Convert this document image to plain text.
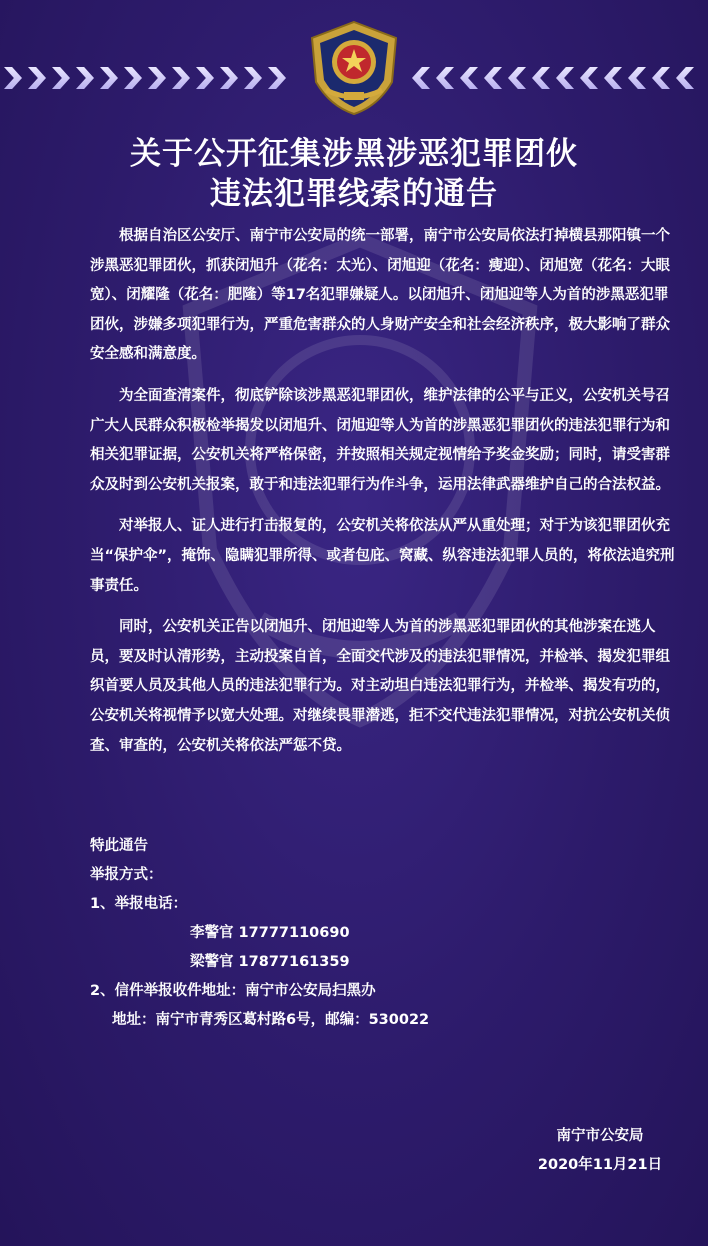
关于公开征集涉黑涉恶犯罪团伙
违法犯罪线索的通告

根据自治区公安厅、南宁市公安局的统一部署，南宁市公安局依法打掉横县那阳镇一个涉黑恶犯罪团伙，抓获闭旭升（花名：太光）、闭旭迎（花名：瘦迎）、闭旭宽（花名：大眼宽）、闭耀隆（花名：肥隆）等17名犯罪嫌疑人。以闭旭升、闭旭迎等人为首的涉黑恶犯罪团伙，涉嫌多项犯罪行为，严重危害群众的人身财产安全和社会经济秩序，极大影响了群众安全感和满意度。

为全面查清案件，彻底铲除该涉黑恶犯罪团伙，维护法律的公平与正义，公安机关号召广大人民群众积极检举揭发以闭旭升、闭旭迎等人为首的涉黑恶犯罪团伙的违法犯罪行为和相关犯罪证据，公安机关将严格保密，并按照相关规定视情给予奖金奖励；同时，请受害群众及时到公安机关报案，敢于和违法犯罪行为作斗争，运用法律武器维护自己的合法权益。

对举报人、证人进行打击报复的，公安机关将依法从严从重处理；对于为该犯罪团伙充当“保护伞”，掩饰、隐瞒犯罪所得、或者包庇、窝藏、纵容违法犯罪人员的，将依法追究刑事责任。

同时，公安机关正告以闭旭升、闭旭迎等人为首的涉黑恶犯罪团伙的其他涉案在逃人员，要及时认清形势，主动投案自首，全面交代涉及的违法犯罪情况，并检举、揭发犯罪组织首要人员及其他人员的违法犯罪行为。对主动坦白违法犯罪行为，并检举、揭发有功的，公安机关将视情予以宽大处理。对继续畏罪潜逃，拒不交代违法犯罪情况，对抗公安机关侦查、审查的，公安机关将依法严惩不贷。

特此通告
举报方式：
1、举报电话：
李警官 17777110690
梁警官 17877161359
2、信件举报收件地址：南宁市公安局扫黑办
地址：南宁市青秀区葛村路6号，邮编：530022
南宁市公安局
2020年11月21日
